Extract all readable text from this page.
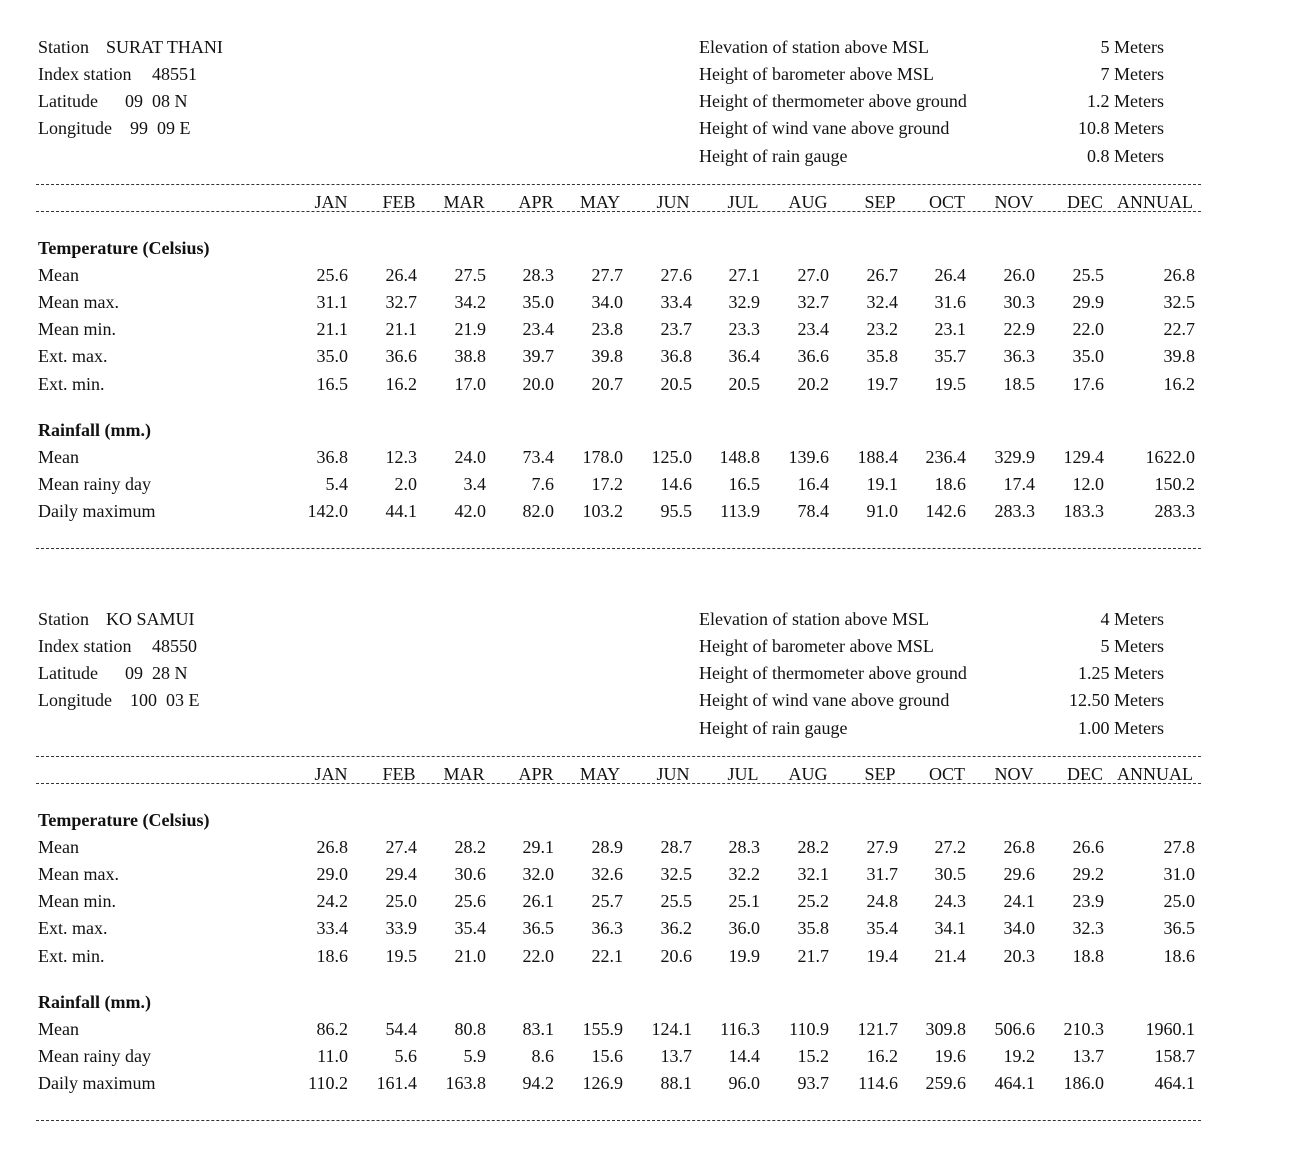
Station SURAT THANI
Index station 48551
Latitude 09  08 N
Longitude 99  09 E
Elevation of station above MSL	5 Meters
Height of barometer above MSL	7 Meters
Height of thermometer above ground	1.2 Meters
Height of wind vane above ground	10.8 Meters
Height of rain gauge	0.8 Meters
JAN FEB MAR APR MAY JUN JUL AUG SEP OCT NOV DEC ANNUAL
Temperature (Celsius)
Mean	25.6 26.4 27.5 28.3 27.7 27.6 27.1 27.0 26.7 26.4 26.0 25.5	26.8
Mean max.	31.1 32.7 34.2 35.0 34.0 33.4 32.9 32.7 32.4 31.6 30.3 29.9	32.5
Mean min.	21.1 21.1 21.9 23.4 23.8 23.7 23.3 23.4 23.2 23.1 22.9 22.0	22.7
Ext. max.	35.0 36.6 38.8 39.7 39.8 36.8 36.4 36.6 35.8 35.7 36.3 35.0	39.8
Ext. min.	16.5 16.2 17.0 20.0 20.7 20.5 20.5 20.2 19.7 19.5 18.5 17.6	16.2
Rainfall (mm.)
Mean	36.8 12.3 24.0 73.4 178.0 125.0 148.8 139.6 188.4 236.4 329.9 129.4 1622.0
Mean rainy day	5.4	2.0	3.4	7.6 17.2 14.6 16.5 16.4 19.1 18.6 17.4 12.0	150.2
Daily maximum	142.0 44.1 42.0 82.0 103.2 95.5 113.9 78.4 91.0 142.6 283.3 183.3	283.3
Station KO SAMUI
Index station 48550
Latitude 09  28 N
Longitude 100  03 E
Elevation of station above MSL	4 Meters
Height of barometer above MSL	5 Meters
Height of thermometer above ground	1.25 Meters
Height of wind vane above ground	12.50 Meters
Height of rain gauge	1.00 Meters
JAN FEB MAR APR MAY JUN JUL AUG SEP OCT NOV DEC ANNUAL
Temperature (Celsius)
Mean	26.8 27.4 28.2 29.1 28.9 28.7 28.3 28.2 27.9 27.2 26.8 26.6	27.8
Mean max.	29.0 29.4 30.6 32.0 32.6 32.5 32.2 32.1 31.7 30.5 29.6 29.2	31.0
Mean min.	24.2 25.0 25.6 26.1 25.7 25.5 25.1 25.2 24.8 24.3 24.1 23.9	25.0
Ext. max.	33.4 33.9 35.4 36.5 36.3 36.2 36.0 35.8 35.4 34.1 34.0 32.3	36.5
Ext. min.	18.6 19.5 21.0 22.0 22.1 20.6 19.9 21.7 19.4 21.4 20.3 18.8	18.6
Rainfall (mm.)
Mean	86.2 54.4 80.8 83.1 155.9 124.1 116.3 110.9 121.7 309.8 506.6 210.3 1960.1
Mean rainy day	11.0	5.6	5.9	8.6 15.6 13.7 14.4 15.2 16.2 19.6 19.2 13.7	158.7
Daily maximum	110.2 161.4 163.8 94.2 126.9 88.1 96.0 93.7 114.6 259.6 464.1 186.0	464.1
